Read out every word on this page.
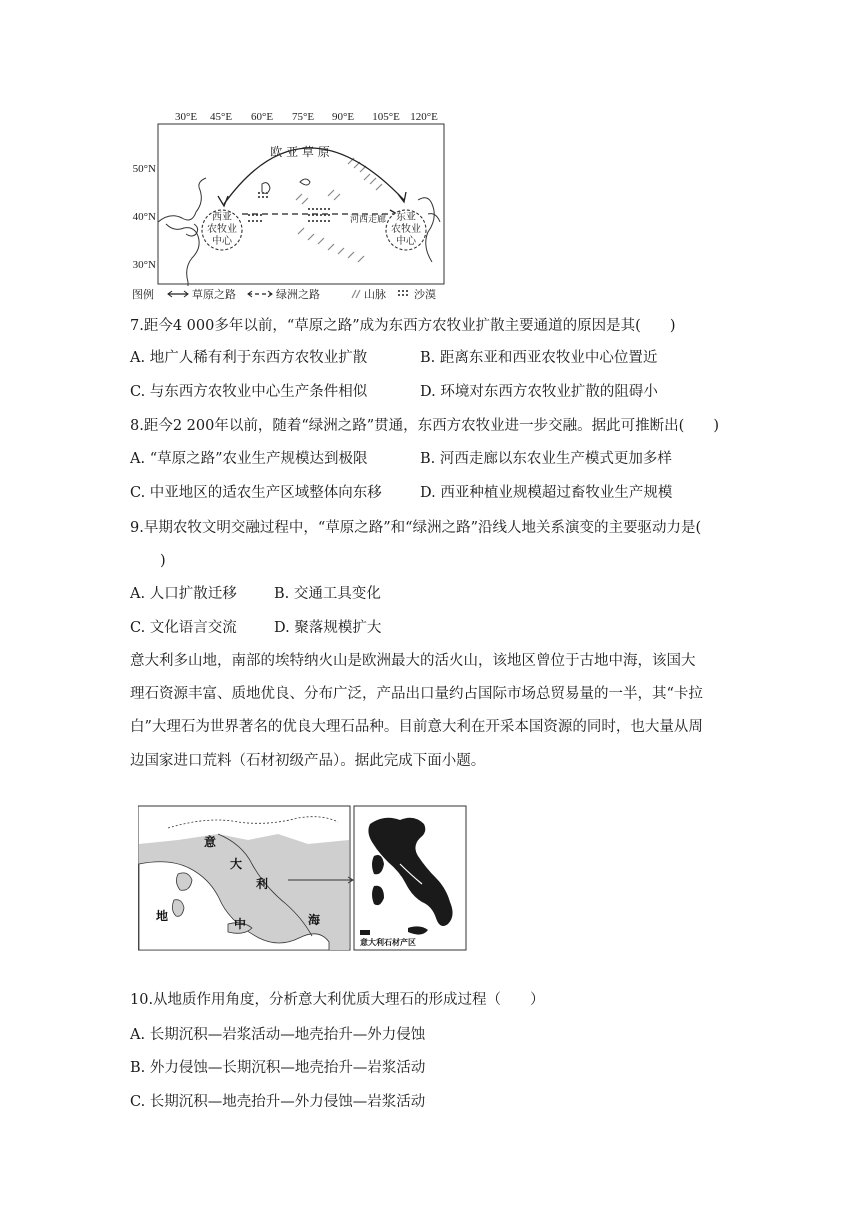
30°E 45°E 60°E 75°E 90°E 105°E 120°E
50°N
40°N
30°N
西亚
农牧业
中心
东亚
农牧业
中心
河西走廊
欧 亚 草 原
图例	草原之路	绿洲之路	山脉	沙漠
7.距今4 000多年以前，“草原之路”成为东西方农牧业扩散主要通道的原因是其(　　)
A. 地广人稀有利于东西方农牧业扩散	B. 距离东亚和西亚农牧业中心位置近
C. 与东西方农牧业中心生产条件相似	D. 环境对东西方农牧业扩散的阻碍小
8.距今2 200年以前，随着“绿洲之路”贯通，东西方农牧业进一步交融。据此可推断出(　　)
A. “草原之路”农业生产规模达到极限	B. 河西走廊以东农业生产模式更加多样
C. 中亚地区的适农生产区域整体向东移	D. 西亚种植业规模超过畜牧业生产规模
9.早期农牧文明交融过程中，“草原之路”和“绿洲之路”沿线人地关系演变的主要驱动力是(
)
A. 人口扩散迁移	B. 交通工具变化
C. 文化语言交流	D. 聚落规模扩大
意大利多山地，南部的埃特纳火山是欧洲最大的活火山，该地区曾位于古地中海，该国大
理石资源丰富、质地优良、分布广泛，产品出口量约占国际市场总贸易量的一半，其“卡拉
白”大理石为世界著名的优良大理石品种。目前意大利在开采本国资源的同时，也大量从周
边国家进口荒料（石材初级产品）。据此完成下面小题。
意
大
利
地
中	海
意大利石材产区
10.从地质作用角度，分析意大利优质大理石的形成过程（　　）
A. 长期沉积—岩浆活动—地壳抬升—外力侵蚀
B. 外力侵蚀—长期沉积—地壳抬升—岩浆活动
C. 长期沉积—地壳抬升—外力侵蚀—岩浆活动
